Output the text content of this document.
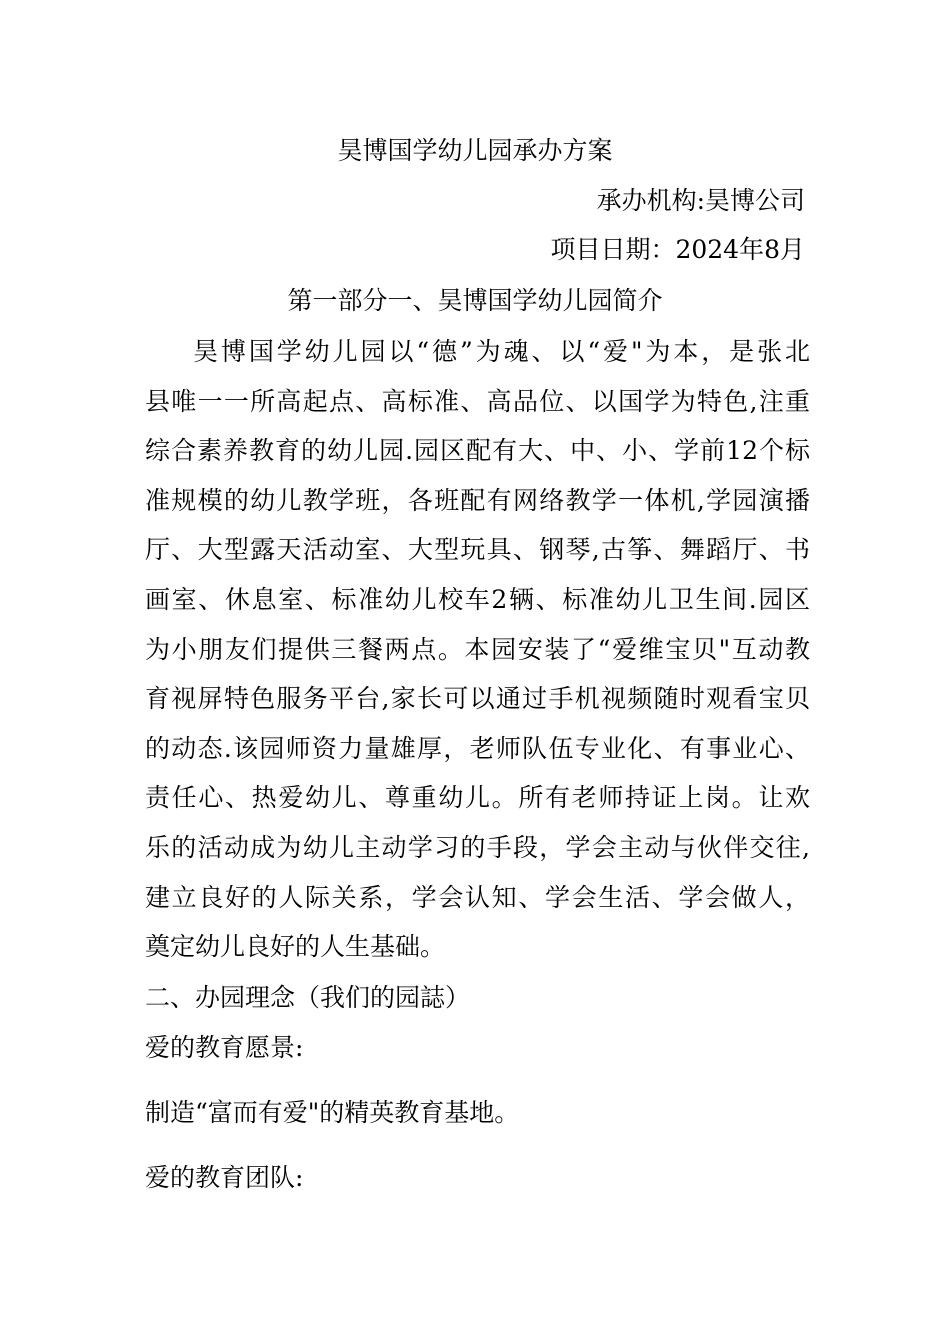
昊博国学幼儿园承办方案
承办机构:昊博公司
项目日期：2024年8月
第一部分一、昊博国学幼儿园简介
昊博国学幼儿园以“德”为魂、以“爱"为本，是张北
县唯一一所高起点、高标准、高品位、以国学为特色,注重
综合素养教育的幼儿园.园区配有大、中、小、学前12个标
准规模的幼儿教学班，各班配有网络教学一体机,学园演播
厅、大型露天活动室、大型玩具、钢琴,古筝、舞蹈厅、书
画室、休息室、标准幼儿校车2辆、标准幼儿卫生间.园区
为小朋友们提供三餐两点。本园安装了“爱维宝贝"互动教
育视屏特色服务平台,家长可以通过手机视频随时观看宝贝
的动态.该园师资力量雄厚，老师队伍专业化、有事业心、
责任心、热爱幼儿、尊重幼儿。所有老师持证上岗。让欢
乐的活动成为幼儿主动学习的手段，学会主动与伙伴交往,
建立良好的人际关系，学会认知、学会生活、学会做人，
奠定幼儿良好的人生基础。
二、办园理念（我们的园誌）
爱的教育愿景:
制造“富而有爱"的精英教育基地。
爱的教育团队:
